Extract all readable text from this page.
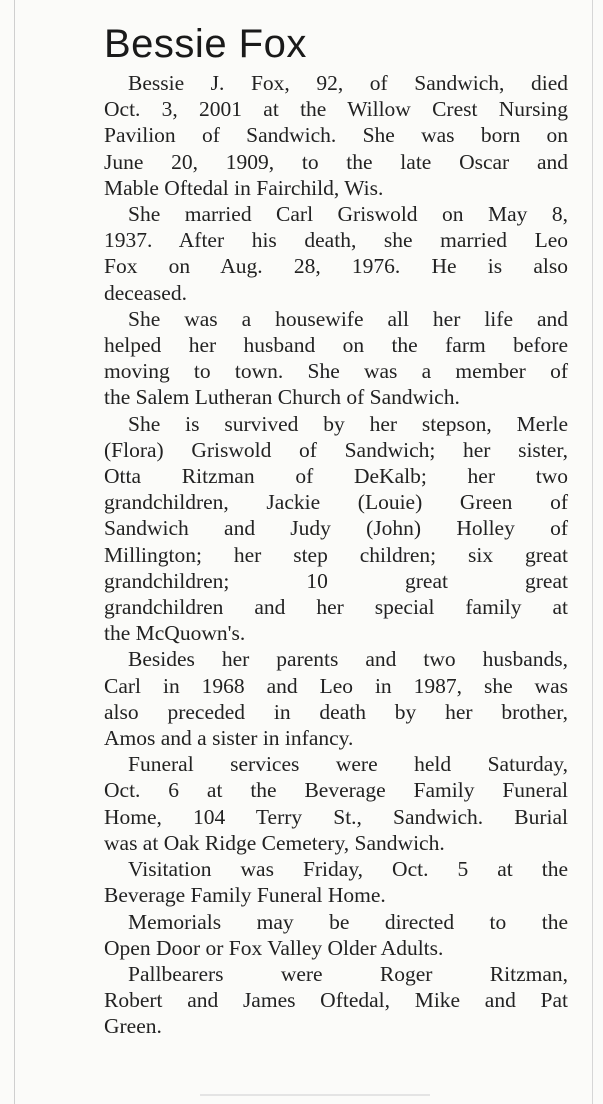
Bessie Fox
Bessie J. Fox, 92, of Sandwich, died
Oct. 3, 2001 at the Willow Crest Nursing
Pavilion of Sandwich. She was born on
June 20, 1909, to the late Oscar and
Mable Oftedal in Fairchild, Wis.
She married Carl Griswold on May 8,
1937. After his death, she married Leo
Fox on Aug. 28, 1976. He is also
deceased.
She was a housewife all her life and
helped her husband on the farm before
moving to town. She was a member of
the Salem Lutheran Church of Sandwich.
She is survived by her stepson, Merle
(Flora) Griswold of Sandwich; her sister,
Otta Ritzman of DeKalb; her two
grandchildren, Jackie (Louie) Green of
Sandwich and Judy (John) Holley of
Millington; her step children; six great
grandchildren; 10 great great
grandchildren and her special family at
the McQuown's.
Besides her parents and two husbands,
Carl in 1968 and Leo in 1987, she was
also preceded in death by her brother,
Amos and a sister in infancy.
Funeral services were held Saturday,
Oct. 6 at the Beverage Family Funeral
Home, 104 Terry St., Sandwich. Burial
was at Oak Ridge Cemetery, Sandwich.
Visitation was Friday, Oct. 5 at the
Beverage Family Funeral Home.
Memorials may be directed to the
Open Door or Fox Valley Older Adults.
Pallbearers were Roger Ritzman,
Robert and James Oftedal, Mike and Pat
Green.
